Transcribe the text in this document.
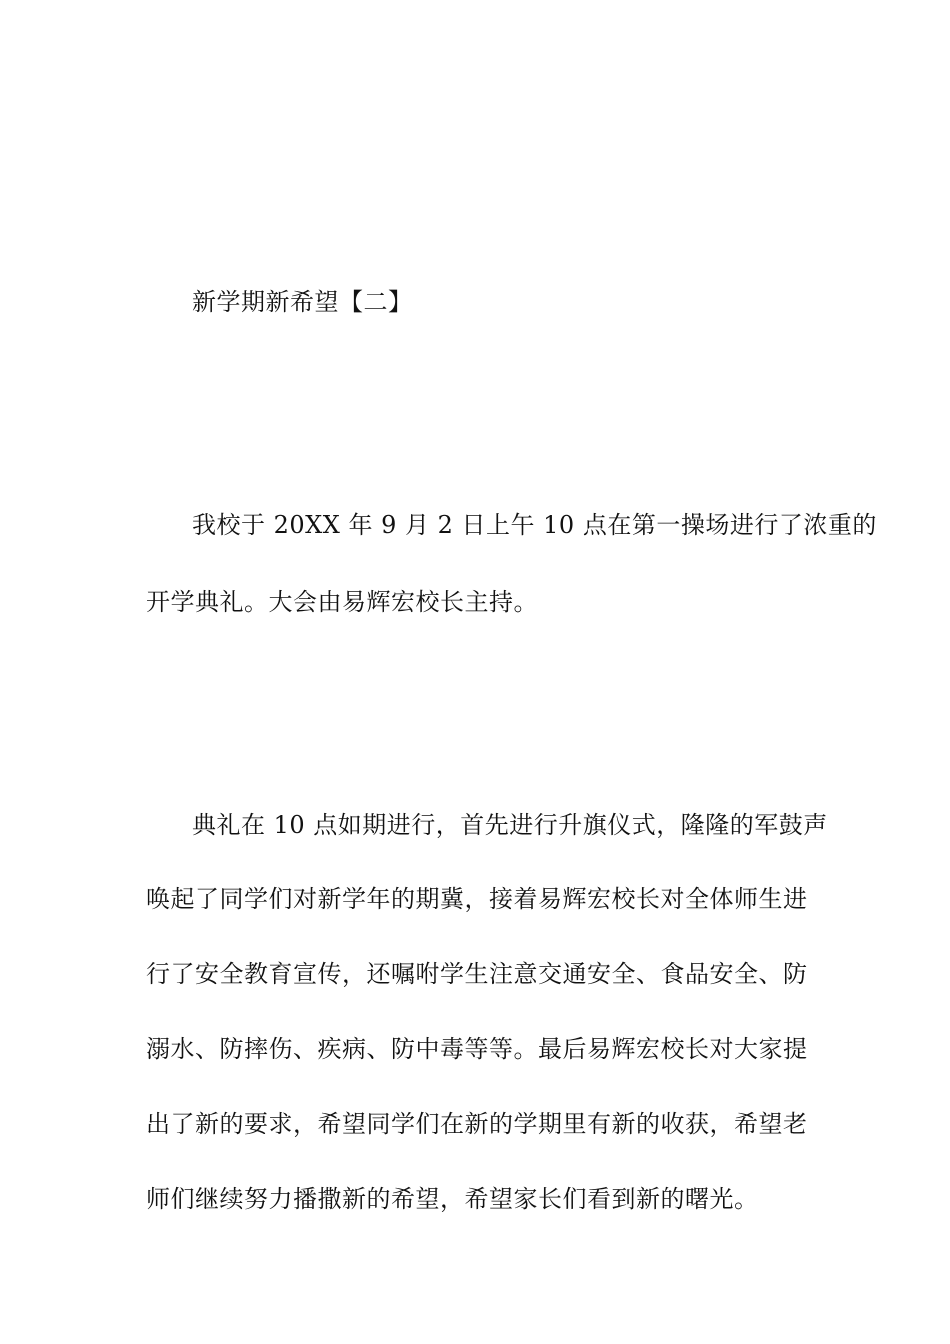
新学期新希望【二】
我校于 20XX 年 9 月 2 日上午 10 点在第一操场进行了浓重的
开学典礼。大会由易辉宏校长主持。
典礼在 10 点如期进行，首先进行升旗仪式，隆隆的军鼓声
唤起了同学们对新学年的期冀，接着易辉宏校长对全体师生进
行了安全教育宣传，还嘱咐学生注意交通安全、食品安全、防
溺水、防摔伤、疾病、防中毒等等。最后易辉宏校长对大家提
出了新的要求，希望同学们在新的学期里有新的收获，希望老
师们继续努力播撒新的希望，希望家长们看到新的曙光。
